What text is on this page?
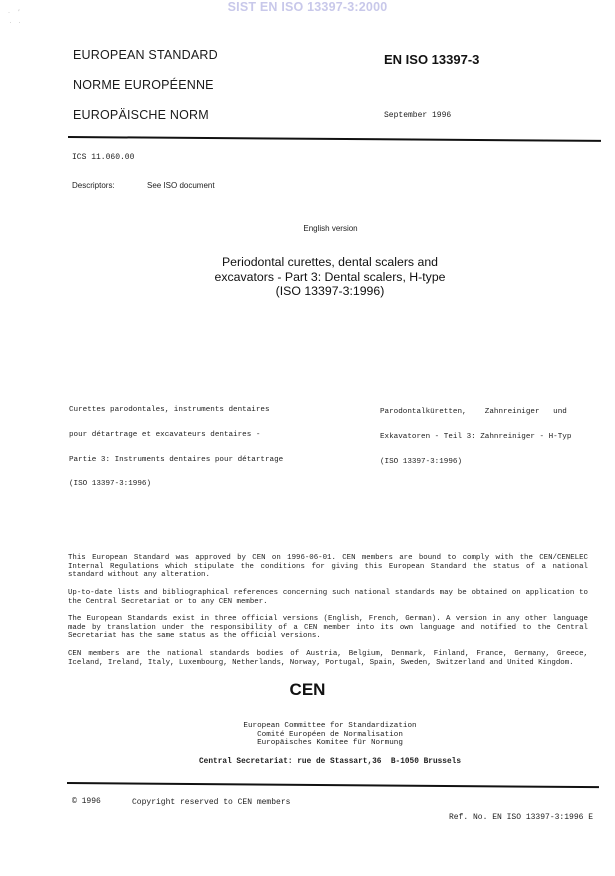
SIST EN ISO 13397-3:2000
·     ′
·    ·
EUROPEAN STANDARD
NORME EUROPÉENNE
EUROPÄISCHE NORM
EN ISO 13397-3
September 1996
ICS 11.060.00
Descriptors:	See ISO document
English version
Periodontal curettes, dental scalers and
excavators - Part 3: Dental scalers, H-type
(ISO 13397-3:1996)

Curettes parodontales, instruments dentaires

pour détartrage et excavateurs dentaires -

Partie 3: Instruments dentaires pour détartrage

(ISO 13397-3:1996)

Parodontalküretten,    Zahnreiniger   und

Exkavatoren - Teil 3: Zahnreiniger - H-Typ

(ISO 13397-3:1996)

This European Standard was approved by CEN on 1996-06-01. CEN members are bound to comply with the CEN/CENELEC Internal Regulations which stipulate the conditions for giving this European Standard the status of a national standard without any alteration.
Up-to-date lists and bibliographical references concerning such national standards may be obtained on application to the Central Secretariat or to any CEN member.
The European Standards exist in three official versions (English, French, German). A version in any other language made by translation under the responsibility of a CEN member into its own language and notified to the Central Secretariat has the same status as the official versions.
CEN members are the national standards bodies of Austria, Belgium, Denmark, Finland, France, Germany, Greece, Iceland, Ireland, Italy, Luxembourg, Netherlands, Norway, Portugal, Spain, Sweden, Switzerland and United Kingdom.
CEN
European Committee for Standardization
Comité Européen de Normalisation
Europäisches Komitee für Normung
Central Secretariat: rue de Stassart,36  B-1050 Brussels
© 1996	Copyright reserved to CEN members
Ref. No. EN ISO 13397-3:1996 E
